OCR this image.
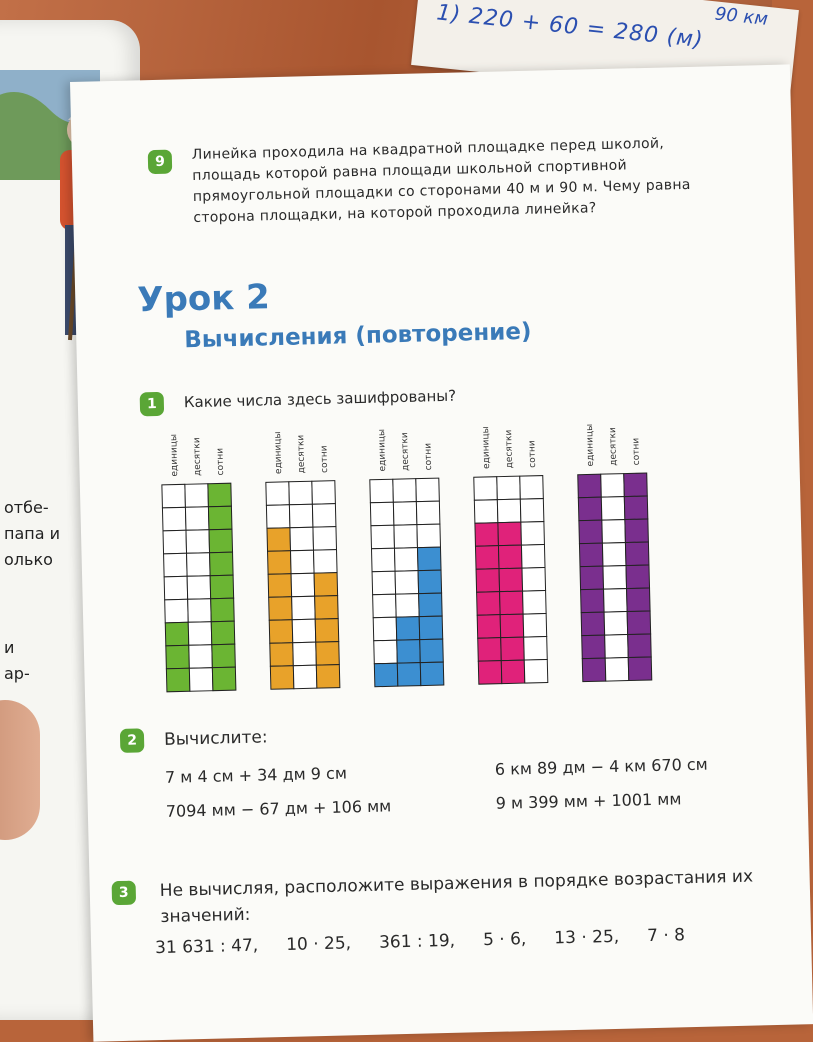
1) 220 + 60 = 280 (м) 90 км
отбе-
папа и
олько
и
ар-
9	Линейка проходила на квадратной площадке перед школой, площадь которой равна площади школьной спортивной прямоугольной площадки со сторонами 40 м и 90 м. Чему равна сторона площадки, на которой проходила линейка?
Урок 2
Вычисления (повторение)
1	Какие числа здесь зашифрованы?
единицы десятки сотни	единицы десятки сотни	единицы десятки сотни	единицы десятки сотни	единицы десятки сотни
2	Вычислите:
7 м 4 см + 34 дм 9 см
7094 мм − 67 дм + 106 мм
6 км 89 дм − 4 км 670 см
9 м 399 мм + 1001 мм
3	Не вычисляя, расположите выражения в порядке возрастания их значений:
31 631 : 47, 10 · 25, 361 : 19, 5 · 6, 13 · 25, 7 · 8
